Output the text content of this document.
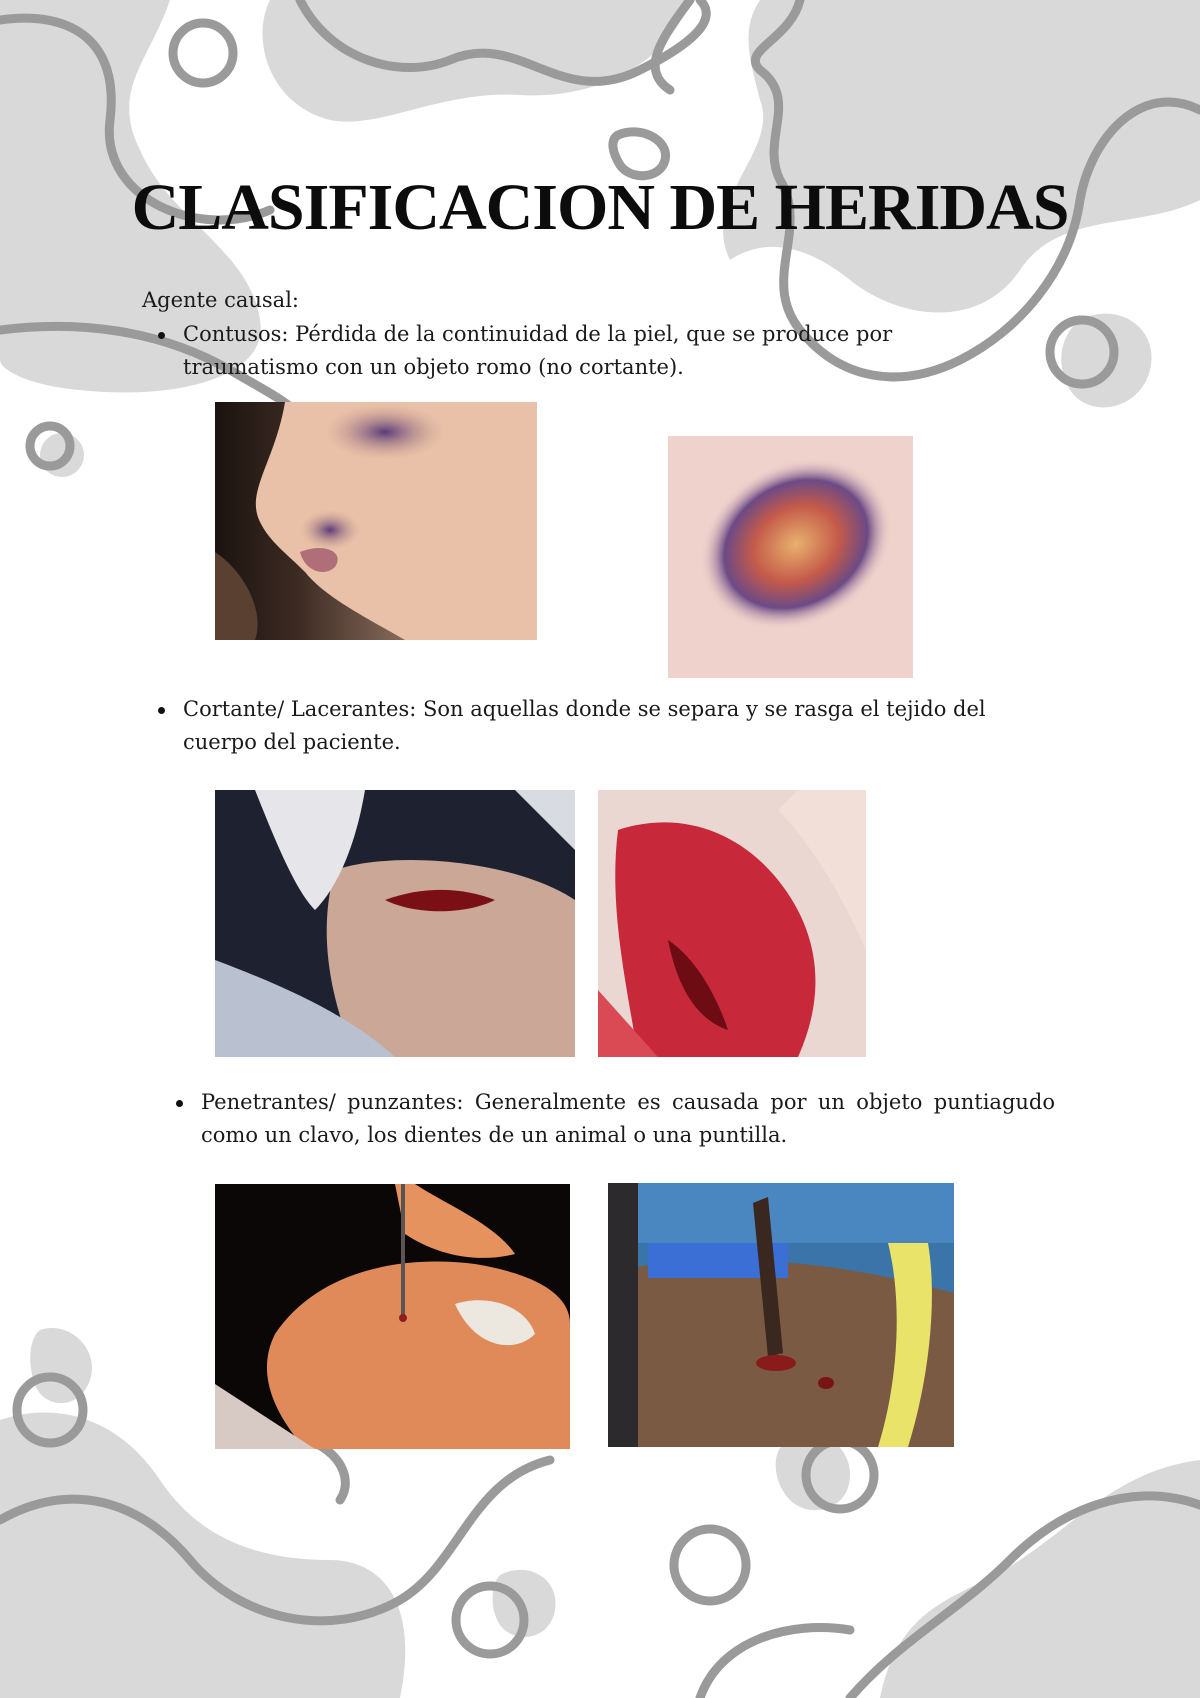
CLASIFICACION DE HERIDAS
Agente causal:
Contusos: Pérdida de la continuidad de la piel, que se produce por traumatismo con un objeto romo (no cortante).
Cortante/ Lacerantes: Son aquellas donde se separa y se rasga el tejido del cuerpo del paciente.
Penetrantes/ punzantes: Generalmente es causada por un objeto puntiagudo como un clavo, los dientes de un animal o una puntilla.
